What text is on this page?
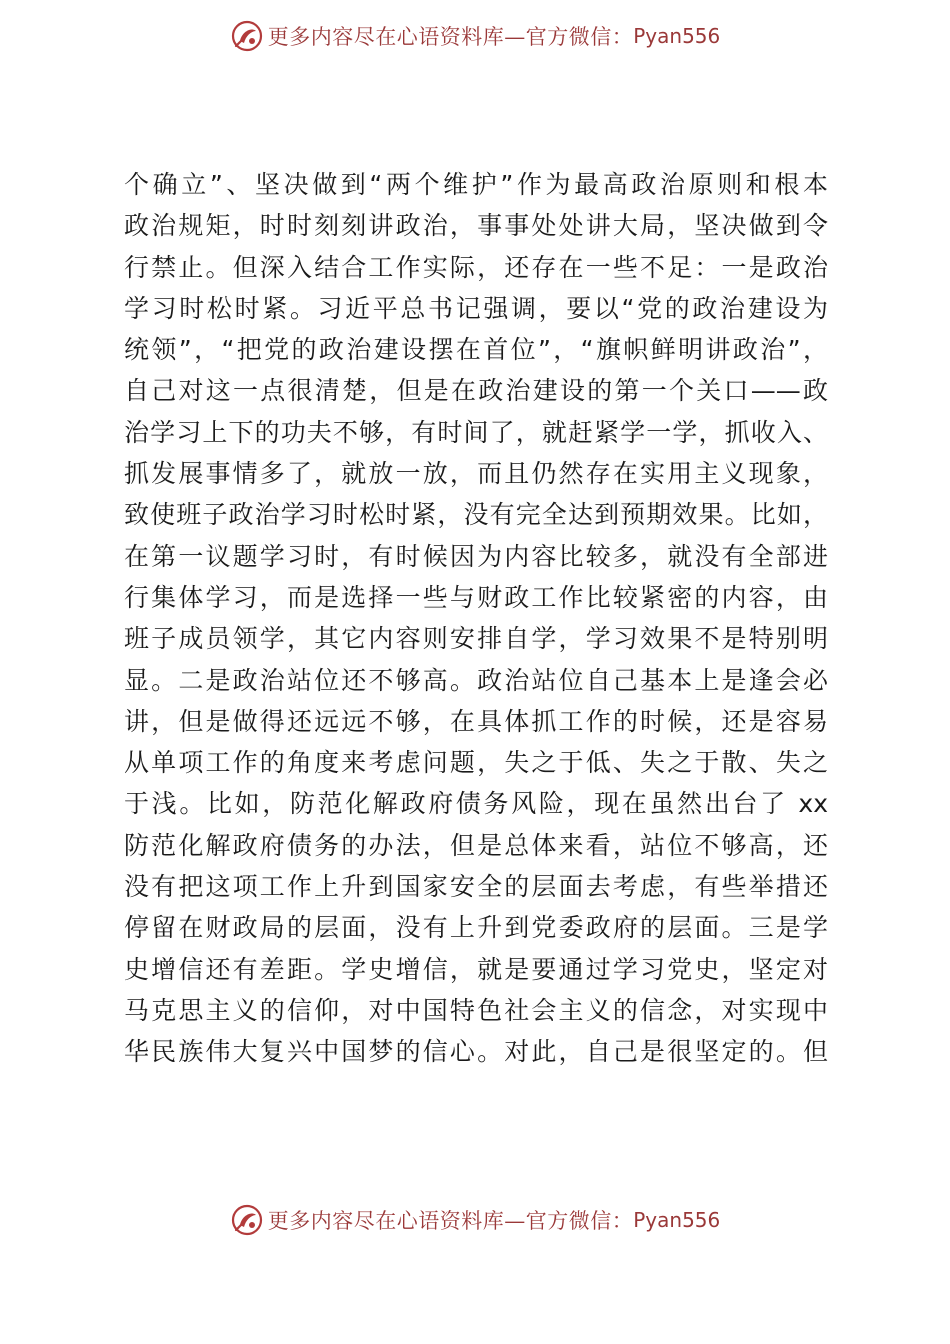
更多内容尽在心语资料库—官方微信： Pyan556
个确立”、坚决做到“两个维护”作为最高政治原则和根本
政治规矩，时时刻刻讲政治，事事处处讲大局，坚决做到令
行禁止。但深入结合工作实际，还存在一些不足：一是政治
学习时松时紧。习近平总书记强调，要以“党的政治建设为
统领”，“把党的政治建设摆在首位”，“旗帜鲜明讲政治”，
自己对这一点很清楚，但是在政治建设的第一个关口——政
治学习上下的功夫不够，有时间了，就赶紧学一学，抓收入、
抓发展事情多了，就放一放，而且仍然存在实用主义现象，
致使班子政治学习时松时紧，没有完全达到预期效果。比如，
在第一议题学习时，有时候因为内容比较多，就没有全部进
行集体学习，而是选择一些与财政工作比较紧密的内容，由
班子成员领学，其它内容则安排自学，学习效果不是特别明
显。二是政治站位还不够高。政治站位自己基本上是逢会必
讲，但是做得还远远不够，在具体抓工作的时候，还是容易
从单项工作的角度来考虑问题，失之于低、失之于散、失之
于浅。比如，防范化解政府债务风险，现在虽然出台了 xx
防范化解政府债务的办法，但是总体来看，站位不够高，还
没有把这项工作上升到国家安全的层面去考虑，有些举措还
停留在财政局的层面，没有上升到党委政府的层面。三是学
史增信还有差距。学史增信，就是要通过学习党史，坚定对
马克思主义的信仰，对中国特色社会主义的信念，对实现中
华民族伟大复兴中国梦的信心。对此，自己是很坚定的。但
更多内容尽在心语资料库—官方微信： Pyan556
